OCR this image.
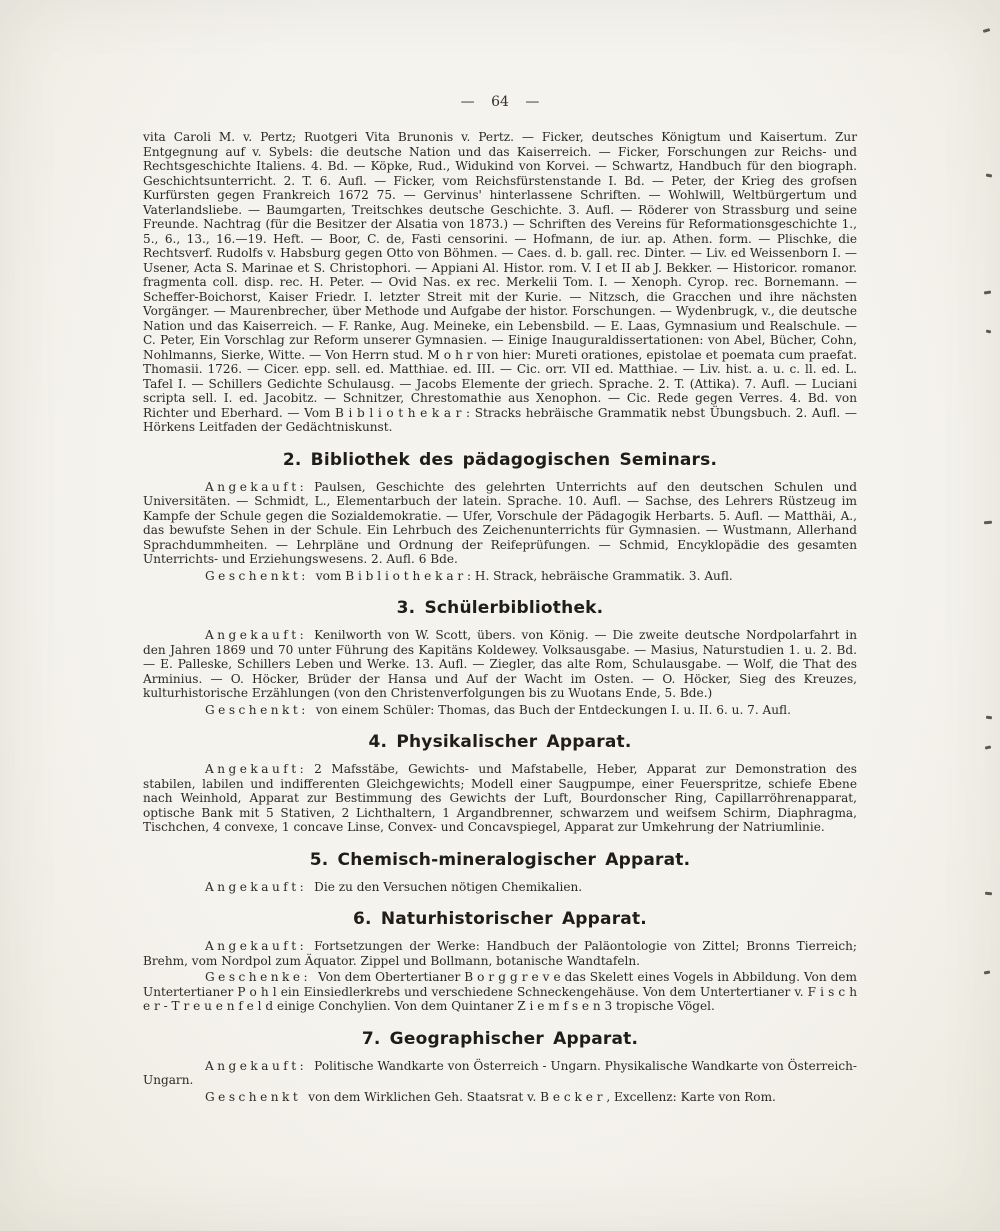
— 64 —

vita Caroli M. v. Pertz; Ruotgeri Vita Brunonis v. Pertz. — Ficker, deutsches Königtum und Kaisertum. Zur Entgegnung auf v. Sybels: die deutsche Nation und das Kaiserreich. — Ficker, Forschungen zur Reichs- und Rechtsgeschichte Italiens. 4. Bd. — Köpke, Rud., Widukind von Korvei. — Schwartz, Handbuch für den biograph. Geschichtsunterricht. 2. T. 6. Aufl. — Ficker, vom Reichsfürstenstande I. Bd. — Peter, der Krieg des grofsen Kurfürsten gegen Frankreich 1672 75. — Gervinus' hinterlassene Schriften. — Wohlwill, Weltbürgertum und Vaterlandsliebe. — Baumgarten, Treitschkes deutsche Geschichte. 3. Aufl. — Röderer von Strassburg und seine Freunde. Nachtrag (für die Besitzer der Alsatia von 1873.) — Schriften des Vereins für Reformationsgeschichte 1., 5., 6., 13., 16.—19. Heft. — Boor, C. de, Fasti censorini. — Hofmann, de iur. ap. Athen. form. — Plischke, die Rechtsverf. Rudolfs v. Habsburg gegen Otto von Böhmen. — Caes. d. b. gall. rec. Dinter. — Liv. ed Weissenborn I. — Usener, Acta S. Marinae et S. Christophori. — Appiani Al. Histor. rom. V. I et II ab J. Bekker. — Historicor. romanor. fragmenta coll. disp. rec. H. Peter. — Ovid Nas. ex rec. Merkelii Tom. I. — Xenoph. Cyrop. rec. Bornemann. — Scheffer-Boichorst, Kaiser Friedr. I. letzter Streit mit der Kurie. — Nitzsch, die Gracchen und ihre nächsten Vorgänger. — Maurenbrecher, über Methode und Aufgabe der histor. Forschungen. — Wydenbrugk, v., die deutsche Nation und das Kaiserreich. — F. Ranke, Aug. Meineke, ein Lebensbild. — E. Laas, Gymnasium und Realschule. — C. Peter, Ein Vorschlag zur Reform unserer Gymnasien. — Einige Inauguraldissertationen: von Abel, Bücher, Cohn, Nohlmanns, Sierke, Witte. — Von Herrn stud. M o h r von hier: Mureti orationes, epistolae et poemata cum praefat. Thomasii. 1726. — Cicer. epp. sell. ed. Matthiae. ed. III. — Cic. orr. VII ed. Matthiae. — Liv. hist. a. u. c. ll. ed. L. Tafel I. — Schillers Gedichte Schulausg. — Jacobs Elemente der griech. Sprache. 2. T. (Attika). 7. Aufl. — Luciani scripta sell. I. ed. Jacobitz. — Schnitzer, Chrestomathie aus Xenophon. — Cic. Rede gegen Verres. 4. Bd. von Richter und Eberhard. — Vom B i b l i o t h e k a r : Stracks hebräische Grammatik nebst Übungsbuch. 2. Aufl. — Hörkens Leitfaden der Gedächtniskunst.

2. Bibliothek des pädagogischen Seminars.

Angekauft: Paulsen, Geschichte des gelehrten Unterrichts auf den deutschen Schulen und Universitäten. — Schmidt, L., Elementarbuch der latein. Sprache. 10. Aufl. — Sachse, des Lehrers Rüstzeug im Kampfe der Schule gegen die Sozialdemokratie. — Ufer, Vorschule der Pädagogik Herbarts. 5. Aufl. — Matthäi, A., das bewufste Sehen in der Schule. Ein Lehrbuch des Zeichenunterrichts für Gymnasien. — Wustmann, Allerhand Sprachdummheiten. — Lehrpläne und Ordnung der Reifeprüfungen. — Schmid, Encyklopädie des gesamten Unterrichts- und Erziehungswesens. 2. Aufl. 6 Bde.

Geschenkt: vom B i b l i o t h e k a r : H. Strack, hebräische Grammatik. 3. Aufl.

3. Schülerbibliothek.

Angekauft: Kenilworth von W. Scott, übers. von König. — Die zweite deutsche Nordpolarfahrt in den Jahren 1869 und 70 unter Führung des Kapitäns Koldewey. Volksausgabe. — Masius, Naturstudien 1. u. 2. Bd. — E. Palleske, Schillers Leben und Werke. 13. Aufl. — Ziegler, das alte Rom, Schulausgabe. — Wolf, die That des Arminius. — O. Höcker, Brüder der Hansa und Auf der Wacht im Osten. — O. Höcker, Sieg des Kreuzes, kulturhistorische Erzählungen (von den Christenverfolgungen bis zu Wuotans Ende, 5. Bde.)

Geschenkt: von einem Schüler: Thomas, das Buch der Entdeckungen I. u. II. 6. u. 7. Aufl.

4. Physikalischer Apparat.

Angekauft: 2 Mafsstäbe, Gewichts- und Mafstabelle, Heber, Apparat zur Demonstration des stabilen, labilen und indifferenten Gleichgewichts; Modell einer Saugpumpe, einer Feuerspritze, schiefe Ebene nach Weinhold, Apparat zur Bestimmung des Gewichts der Luft, Bourdonscher Ring, Capillarröhrenapparat, optische Bank mit 5 Stativen, 2 Lichthaltern, 1 Argandbrenner, schwarzem und weifsem Schirm, Diaphragma, Tischchen, 4 convexe, 1 concave Linse, Convex- und Concavspiegel, Apparat zur Umkehrung der Natriumlinie.

5. Chemisch-mineralogischer Apparat.

Angekauft: Die zu den Versuchen nötigen Chemikalien.

6. Naturhistorischer Apparat.

Angekauft: Fortsetzungen der Werke: Handbuch der Paläontologie von Zittel; Bronns Tierreich; Brehm, vom Nordpol zum Äquator. Zippel und Bollmann, botanische Wandtafeln.

Geschenke: Von dem Obertertianer B o r g g r e v e das Skelett eines Vogels in Abbildung. Von dem Untertertianer P o h l ein Einsiedlerkrebs und verschiedene Schneckengehäuse. Von dem Untertertianer v. F i s c h e r - T r e u e n f e l d einige Conchylien. Von dem Quintaner Z i e m f s e n 3 tropische Vögel.

7. Geographischer Apparat.

Angekauft: Politische Wandkarte von Österreich - Ungarn. Physikalische Wandkarte von Österreich-Ungarn.

Geschenkt von dem Wirklichen Geh. Staatsrat v. B e c k e r , Excellenz: Karte von Rom.
